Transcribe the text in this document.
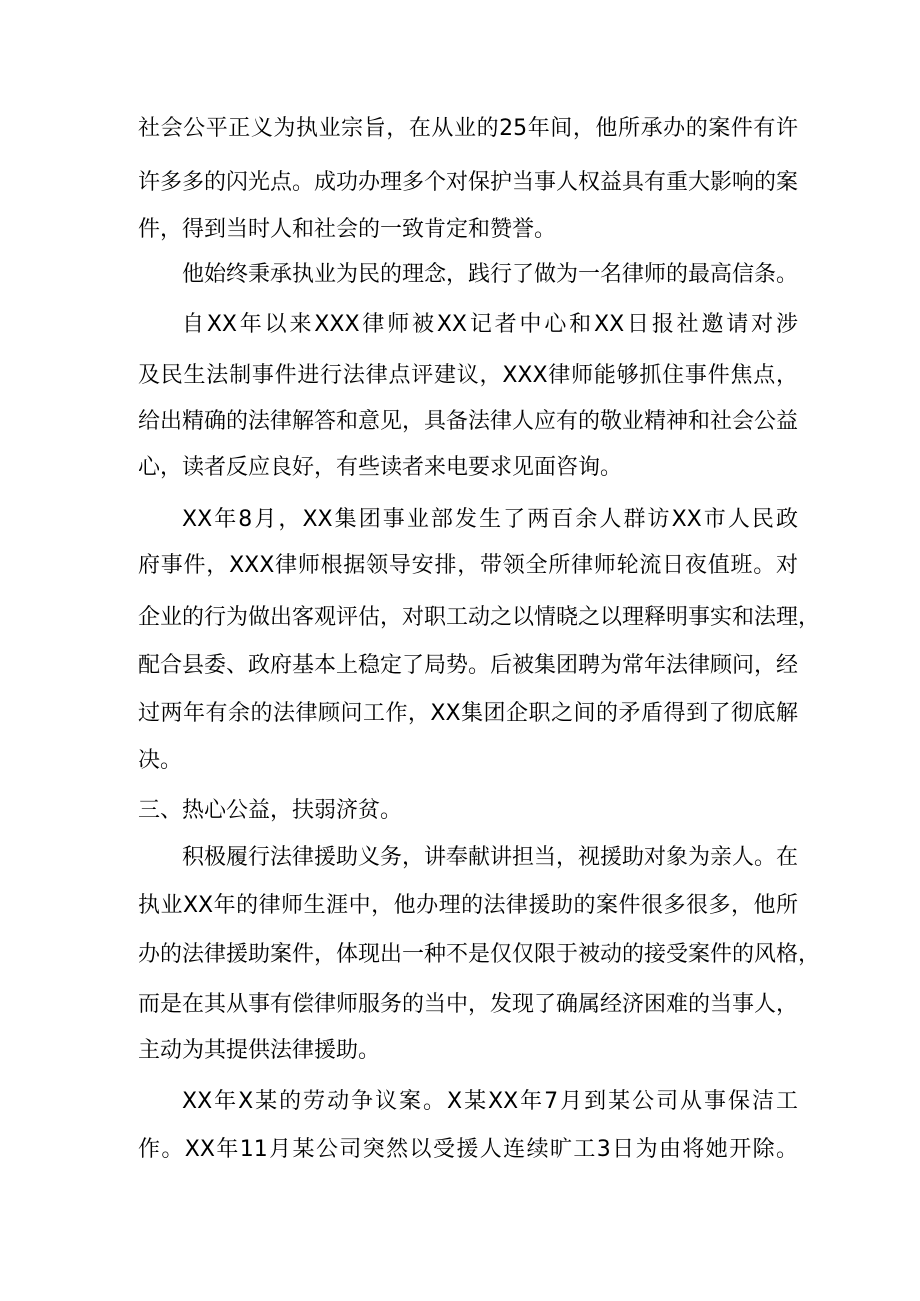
社会公平正义为执业宗旨，在从业的25年间，他所承办的案件有许
许多多的闪光点。成功办理多个对保护当事人权益具有重大影响的案
件，得到当时人和社会的一致肯定和赞誉。
他始终秉承执业为民的理念，践行了做为一名律师的最高信条。
自XX年以来XXX律师被XX记者中心和XX日报社邀请对涉
及民生法制事件进行法律点评建议，XXX律师能够抓住事件焦点，
给出精确的法律解答和意见，具备法律人应有的敬业精神和社会公益
心，读者反应良好，有些读者来电要求见面咨询。
XX年8月，XX集团事业部发生了两百余人群访XX市人民政
府事件，XXX律师根据领导安排，带领全所律师轮流日夜值班。对
企业的行为做出客观评估，对职工动之以情晓之以理释明事实和法理，
配合县委、政府基本上稳定了局势。后被集团聘为常年法律顾问，经
过两年有余的法律顾问工作，XX集团企职之间的矛盾得到了彻底解
决。
三、热心公益，扶弱济贫。
积极履行法律援助义务，讲奉献讲担当，视援助对象为亲人。在
执业XX年的律师生涯中，他办理的法律援助的案件很多很多，他所
办的法律援助案件，体现出一种不是仅仅限于被动的接受案件的风格，
而是在其从事有偿律师服务的当中，发现了确属经济困难的当事人，
主动为其提供法律援助。
XX年X某的劳动争议案。X某XX年7月到某公司从事保洁工
作。XX年11月某公司突然以受援人连续旷工3日为由将她开除。
